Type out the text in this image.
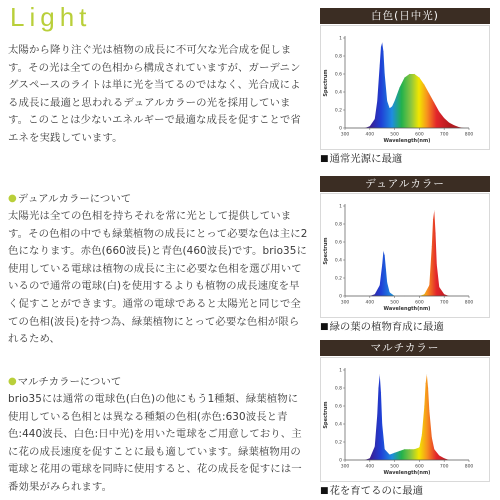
Light

太陽から降り注ぐ光は植物の成長に不可欠な光合成を促します。その光は全ての色相から構成されていますが、ガーデニングスペースのライトは単に光を当てるのではなく、光合成による成長に最適と思われるデュアルカラーの光を採用しています。このことは少ないエネルギーで最適な成長を促すことで省エネを実践しています。

● デュアルカラーについて

太陽光は全ての色相を持ちそれを常に光として提供しています。その色相の中でも緑葉植物の成長にとって必要な色は主に2色になります。赤色(660波長)と青色(460波長)です。brio35に使用している電球は植物の成長に主に必要な色相を選び用いているので通常の電球(白)を使用するよりも植物の成長速度を早く促すことができます。通常の電球であると太陽光と同じで全ての色相(波長)を持つ為、緑葉植物にとって必要な色相が限られるため、

● マルチカラーについて

brio35には通常の電球色(白色)の他にもう1種類、緑葉植物に使用している色相とは異なる種類の色相(赤色:630波長と青色:440波長、白色:日中光)を用いた電球をご用意しており、主に花の成長速度を促すことに最も適しています。緑葉植物用の電球と花用の電球を同時に使用すると、花の成長を促すには一番効果がみられます。

白色(日中光)
0
0.2
0.4
0.6
0.8
1
300	400	500	600	700	800
Wavelength(nm)
Spectrum
■ 通常光源に最適
デュアルカラー
0
0.2
0.4
0.6
0.8
1
300	400	500	600	700	800
Wavelength(nm)
Spectrum
■ 緑の葉の植物育成に最適
マルチカラー
0
0.2
0.4
0.6
0.8
1
300	400	500	600	700	800
Wavelength(nm)
Spectrum
■ 花を育てるのに最適
